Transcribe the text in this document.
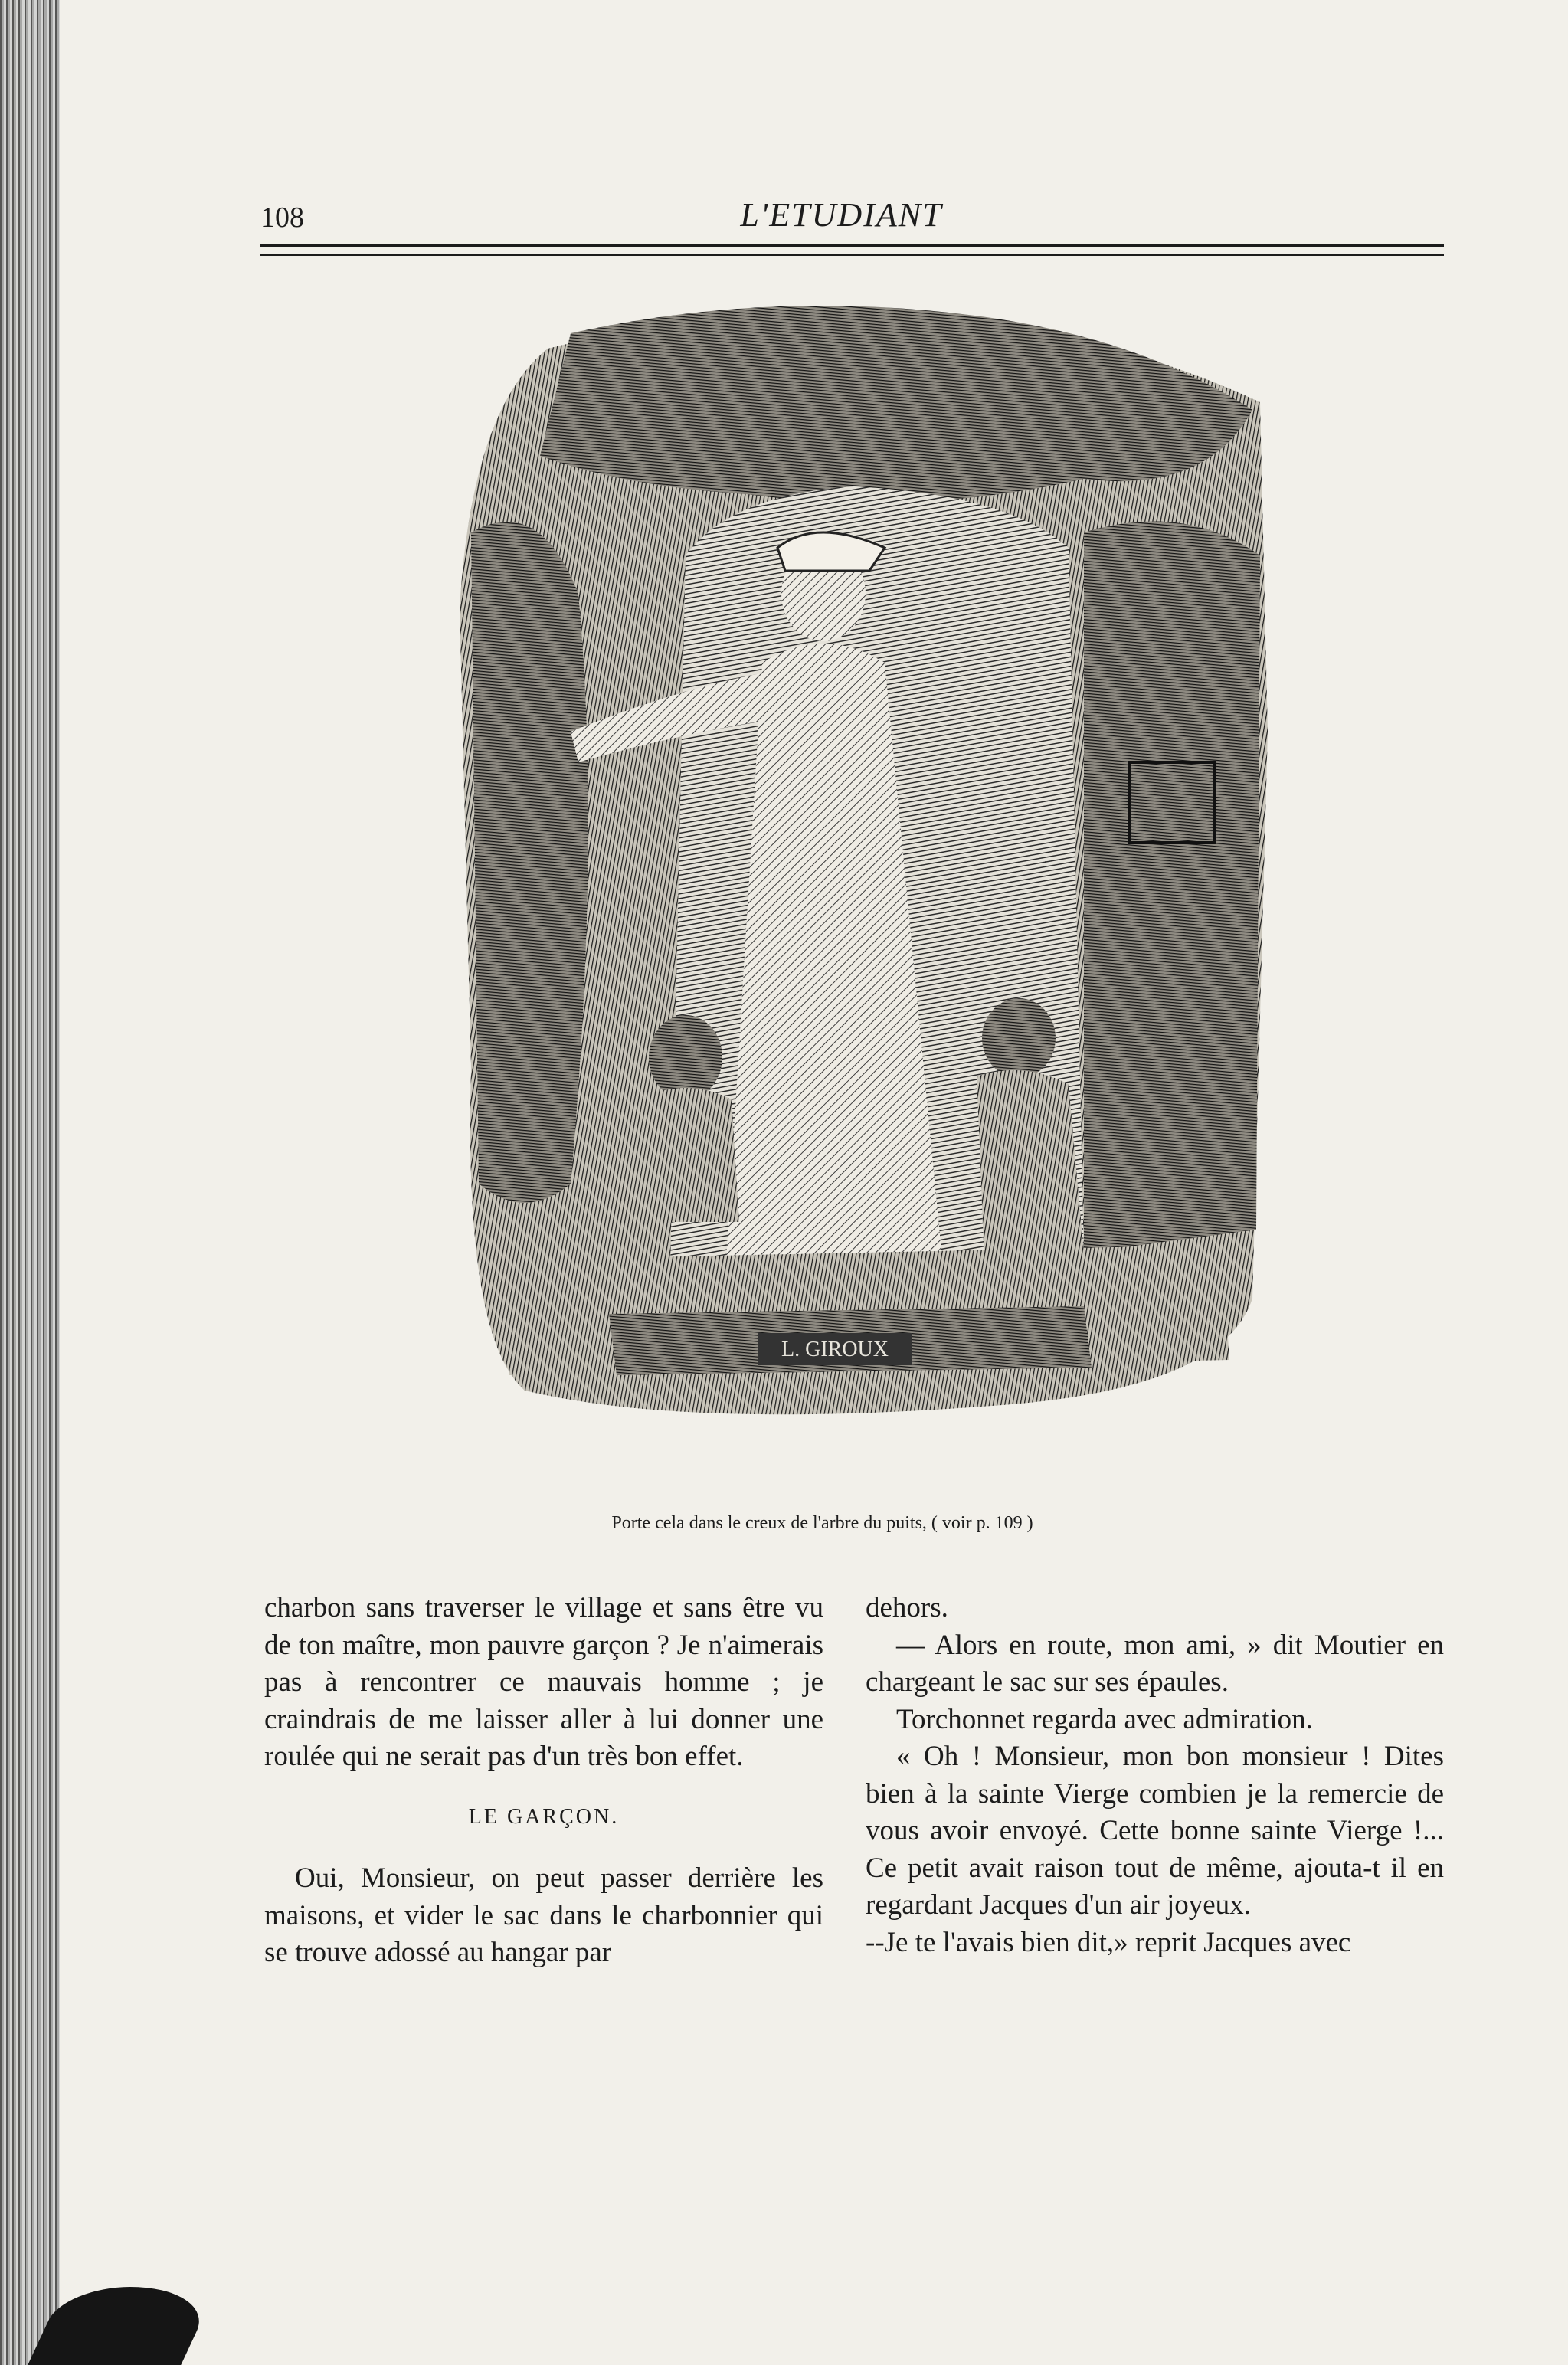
108	L'ETUDIANT
L. GIROUX
Porte cela dans le creux de l'arbre du puits, ( voir p. 109 )

charbon sans traverser le village et sans être vu de ton maître, mon pauvre garçon ? Je n'aimerais pas à rencontrer ce mauvais homme ; je craindrais de me laisser aller à lui donner une roulée qui ne serait pas d'un très bon effet.

LE GARÇON.

Oui, Monsieur, on peut passer derrière les maisons, et vider le sac dans le charbonnier qui se trouve adossé au hangar par

dehors.

— Alors en route, mon ami, » dit Moutier en chargeant le sac sur ses épaules.

Torchonnet regarda avec admiration.

« Oh ! Monsieur, mon bon monsieur ! Dites bien à la sainte Vierge combien je la remercie de vous avoir envoyé. Cette bonne sainte Vierge !... Ce petit avait raison tout de même, ajouta-t il en regardant Jacques d'un air joyeux.

--Je te l'avais bien dit,» reprit Jacques avec
